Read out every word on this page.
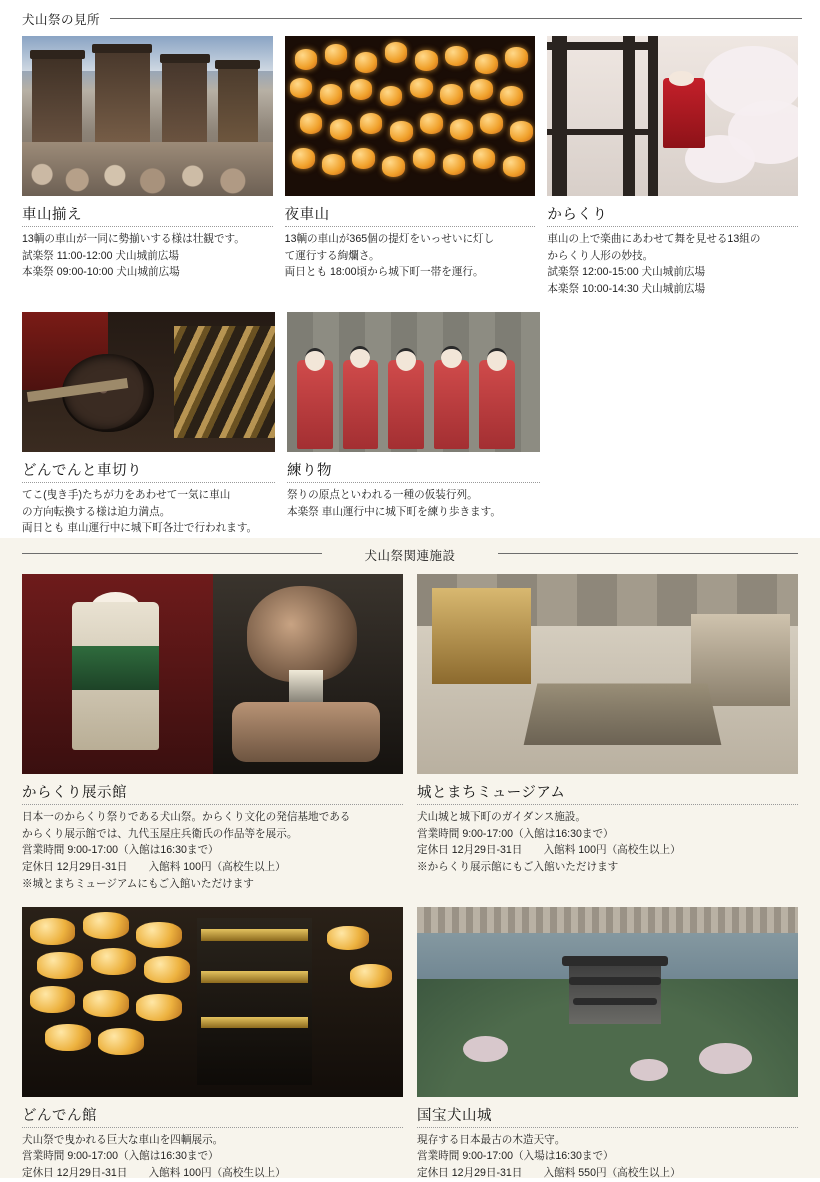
犬山祭の見所
車山揃え
13輌の車山が一同に勢揃いする様は壮観です。
試楽祭 11:00-12:00 犬山城前広場
本楽祭 09:00-10:00 犬山城前広場
夜車山
13輌の車山が365個の提灯をいっせいに灯し
て運行する絢爛さ。
両日とも 18:00頃から城下町一帯を運行。
からくり
車山の上で楽曲にあわせて舞を見せる13組の
からくり人形の妙技。
試楽祭 12:00-15:00 犬山城前広場
本楽祭 10:00-14:30 犬山城前広場
どんでんと車切り
てこ(曳き手)たちが力をあわせて一気に車山
の方向転換する様は迫力満点。
両日とも 車山運行中に城下町各辻で行われます。
練り物
祭りの原点といわれる一種の仮装行列。
本楽祭 車山運行中に城下町を練り歩きます。
犬山祭関連施設
からくり展示館
日本一のからくり祭りである犬山祭。からくり文化の発信基地である
からくり展示館では、九代玉屋庄兵衛氏の作品等を展示。
営業時間 9:00-17:00（入館は16:30まで）
定休日 12月29日-31日　　入館料 100円（高校生以上）
※城とまちミュージアムにもご入館いただけます
城とまちミュージアム
犬山城と城下町のガイダンス施設。
営業時間 9:00-17:00（入館は16:30まで）
定休日 12月29日-31日　　入館料 100円（高校生以上）
※からくり展示館にもご入館いただけます
どんでん館
犬山祭で曳かれる巨大な車山を四輌展示。
営業時間 9:00-17:00（入館は16:30まで）
定休日 12月29日-31日　　入館料 100円（高校生以上）
国宝犬山城
現存する日本最古の木造天守。
営業時間 9:00-17:00（入場は16:30まで）
定休日 12月29日-31日　　入館料 550円（高校生以上）
